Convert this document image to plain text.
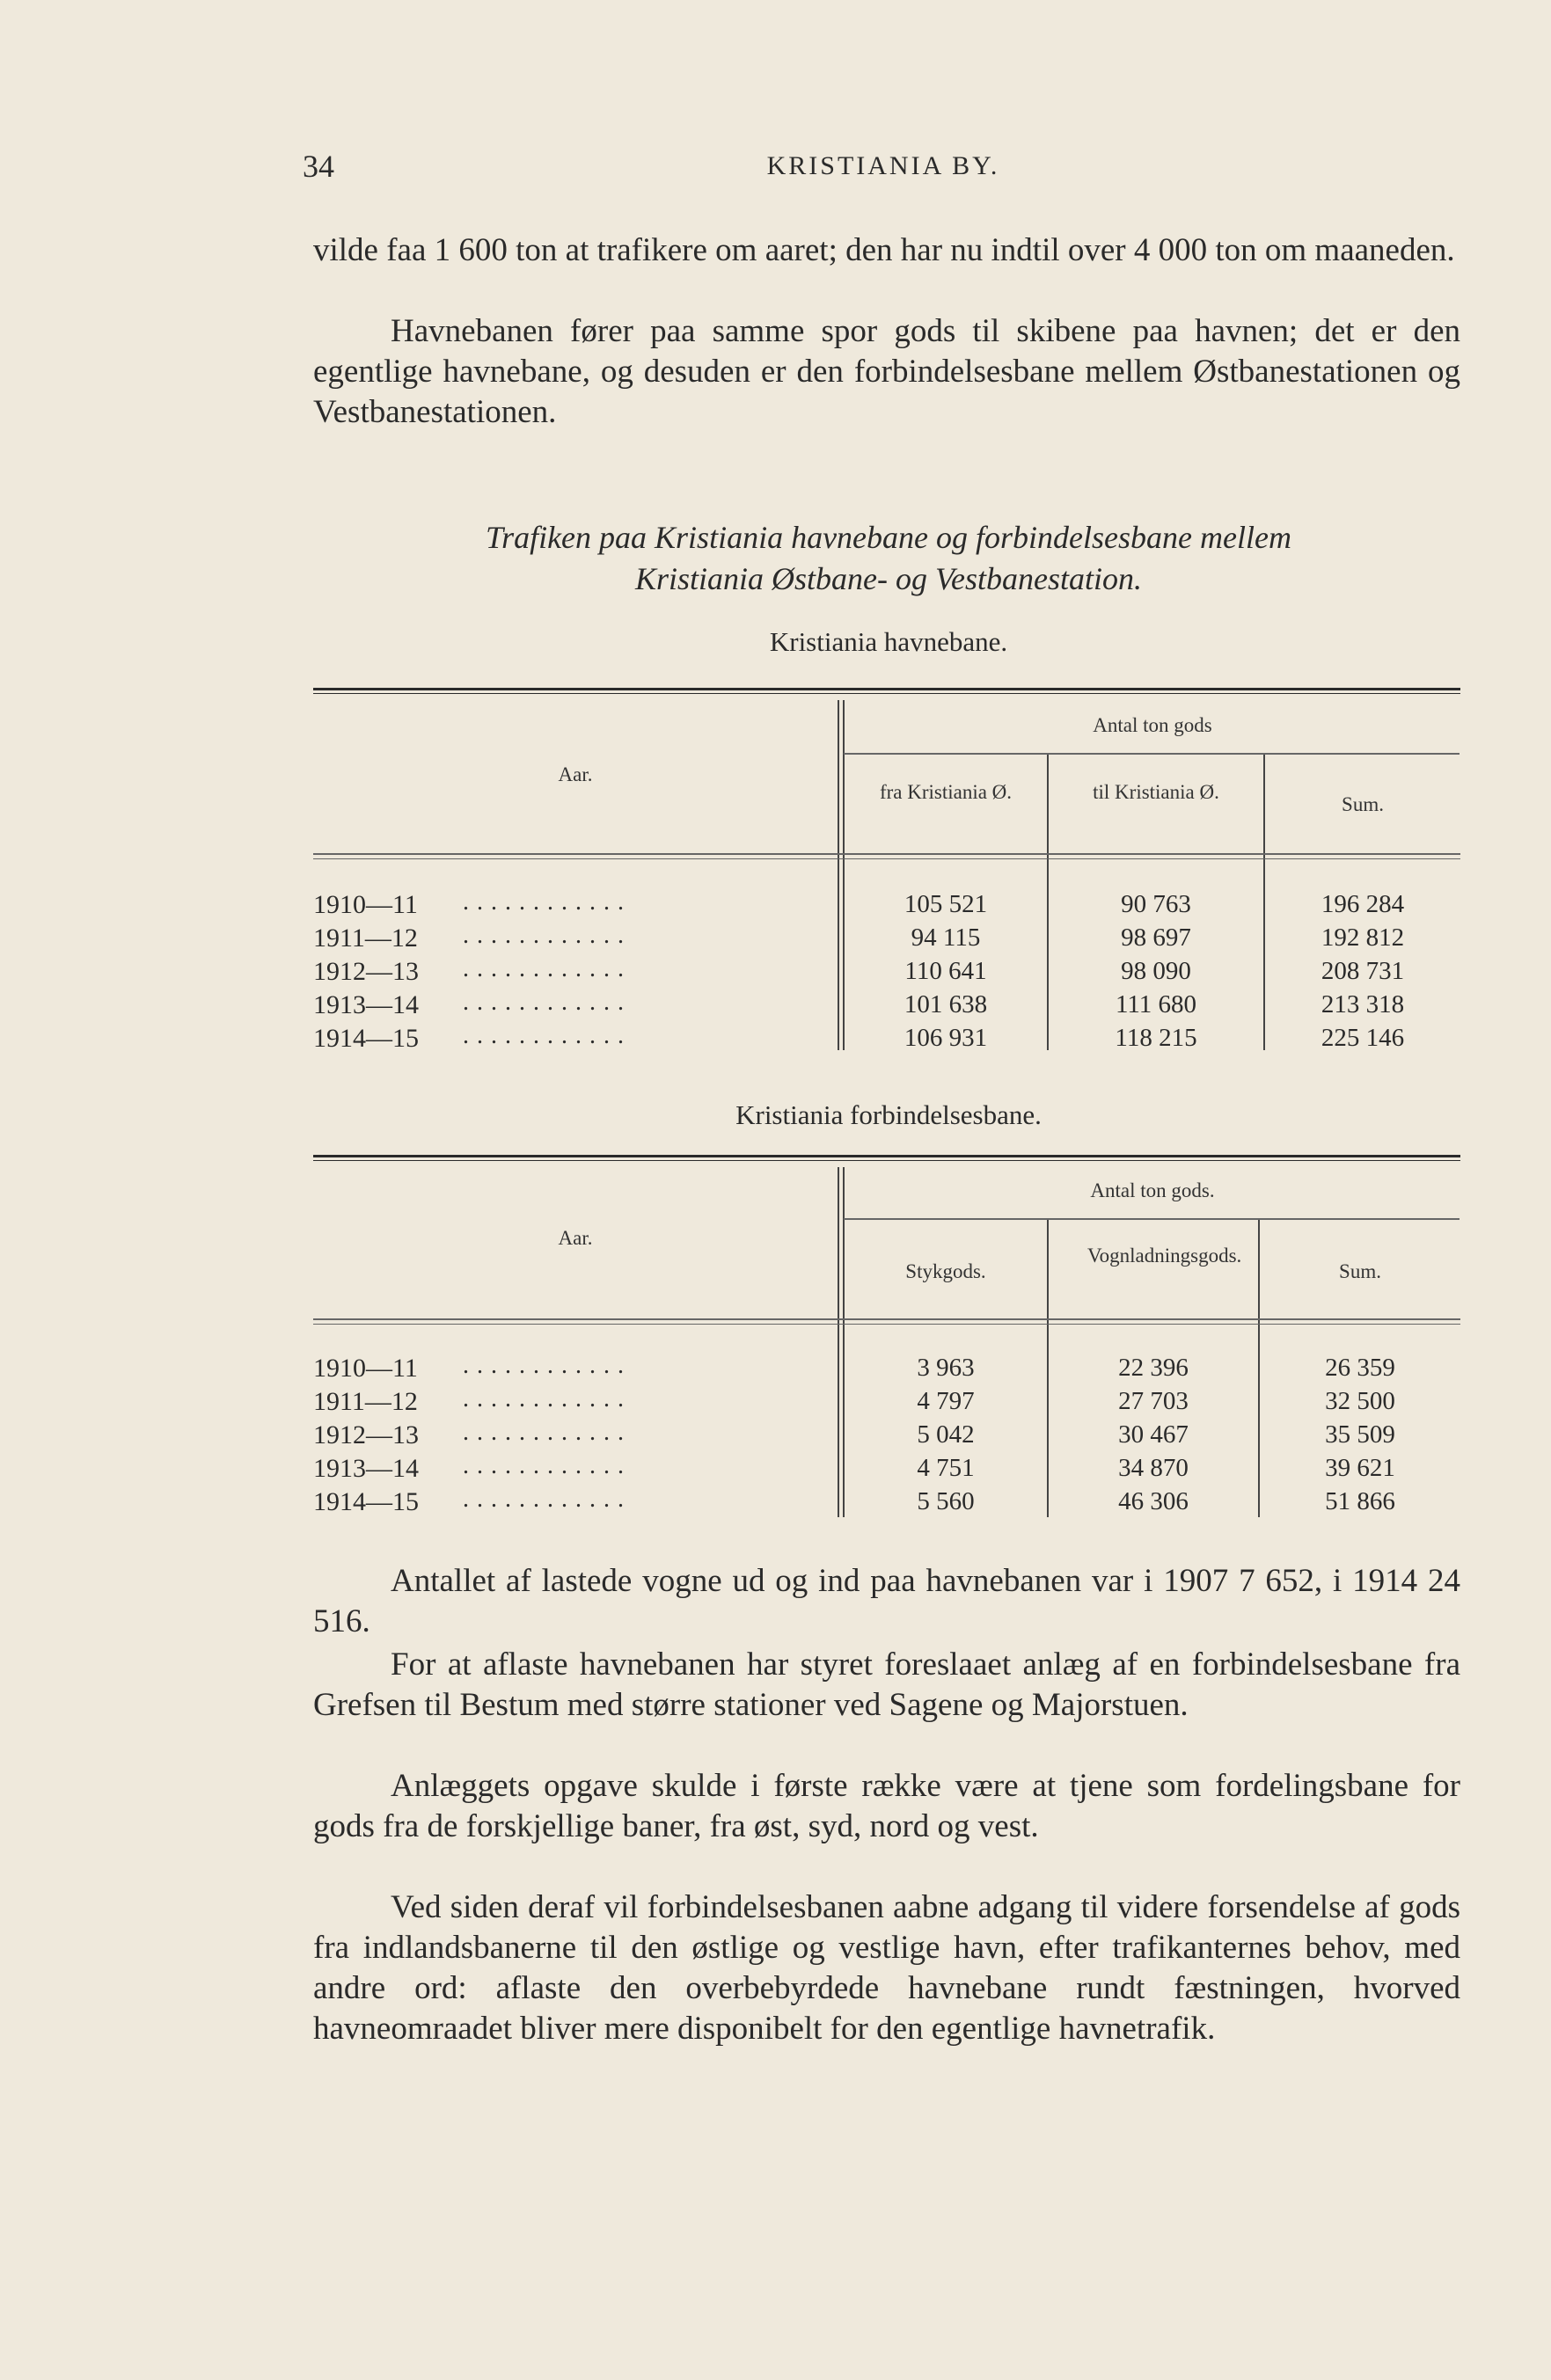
34	KRISTIANIA BY.

vilde faa 1 600 ton at trafikere om aaret; den har nu indtil over 4 000 ton om maaneden.

Havnebanen fører paa samme spor gods til skibene paa havnen; det er den egentlige havnebane, og desuden er den forbindelsesbane mellem Østbanestationen og Vestbanestationen.

Trafiken paa Kristiania havnebane og forbindelsesbane mellem
Kristiania Østbane- og Vestbanestation.
Kristiania havnebane.
Aar.
Antal ton gods
fra Kristiania Ø.	til Kristiania Ø.
Sum.
1910—11 ............	105 521	90 763	196 284
1911—12 ............	94 115	98 697	192 812
1912—13 ............	110 641	98 090	208 731
1913—14 ............	101 638	111 680	213 318
1914—15 ............	106 931	118 215	225 146
Kristiania forbindelsesbane.
Aar.
Antal ton gods.
Stykgods.
Vognladningsgods.
Sum.
1910—11 ............	3 963	22 396	26 359
1911—12 ............	4 797	27 703	32 500
1912—13 ............	5 042	30 467	35 509
1913—14 ............	4 751	34 870	39 621
1914—15 ............	5 560	46 306	51 866

Antallet af lastede vogne ud og ind paa havnebanen var i 1907 7 652, i 1914 24 516.

For at aflaste havnebanen har styret foreslaaet anlæg af en forbindelsesbane fra Grefsen til Bestum med større stationer ved Sagene og Majorstuen.

Anlæggets opgave skulde i første række være at tjene som fordelingsbane for gods fra de forskjellige baner, fra øst, syd, nord og vest.

Ved siden deraf vil forbindelsesbanen aabne adgang til videre forsendelse af gods fra indlandsbanerne til den østlige og vestlige havn, efter trafikanternes behov, med andre ord: aflaste den overbebyrdede havnebane rundt fæstningen, hvorved havneomraadet bliver mere disponibelt for den egentlige havnetrafik.
